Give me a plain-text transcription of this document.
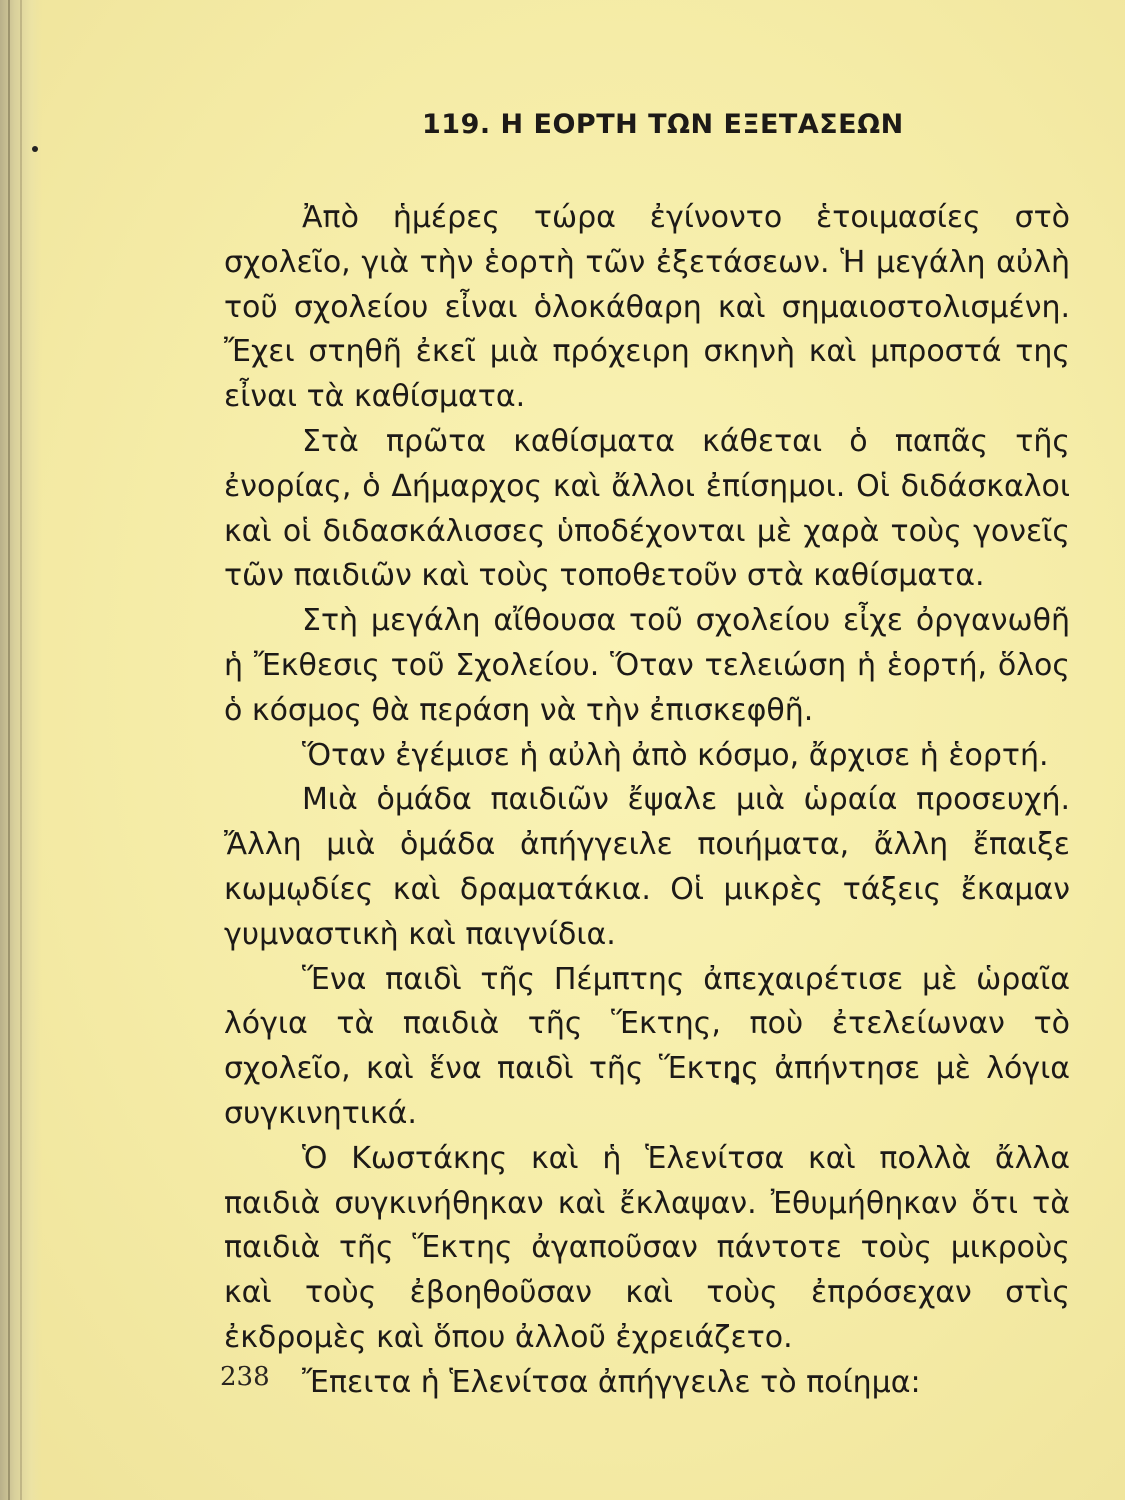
119. Η ΕΟΡΤΗ ΤΩΝ ΕΞΕΤΑΣΕΩΝ

Ἀπὸ ἡμέρες τώρα ἐγίνοντο ἑτοιμασίες στὸ σχολεῖο, γιὰ τὴν ἑορτὴ τῶν ἐξετάσεων. Ἡ μεγάλη αὐλὴ τοῦ σχολείου εἶναι ὁλοκάθαρη καὶ σημαιοστολισμένη. Ἔχει στηθῆ ἐκεῖ μιὰ πρόχειρη σκηνὴ καὶ μπροστά της εἶναι τὰ καθίσματα.

Στὰ πρῶτα καθίσματα κάθεται ὁ παπᾶς τῆς ἐνορίας, ὁ Δήμαρχος καὶ ἄλλοι ἐπίσημοι. Οἱ διδάσκαλοι καὶ οἱ διδασκάλισσες ὑποδέχονται μὲ χαρὰ τοὺς γονεῖς τῶν παιδιῶν καὶ τοὺς τοποθετοῦν στὰ καθίσματα.

Στὴ μεγάλη αἴθουσα τοῦ σχολείου εἶχε ὀργανωθῆ ἡ Ἔκθεσις τοῦ Σχολείου. Ὅταν τελειώση ἡ ἑορτή, ὅλος ὁ κόσμος θὰ περάση νὰ τὴν ἐπισκεφθῆ.

Ὅταν ἐγέμισε ἡ αὐλὴ ἀπὸ κόσμο, ἄρχισε ἡ ἑορτή.

Μιὰ ὁμάδα παιδιῶν ἔψαλε μιὰ ὡραία προσευχή. Ἄλλη μιὰ ὁμάδα ἀπήγγειλε ποιήματα, ἄλλη ἔπαιξε κωμῳδίες καὶ δραματάκια. Οἱ μικρὲς τάξεις ἔκαμαν γυμναστικὴ καὶ παιγνίδια.

Ἕνα παιδὶ τῆς Πέμπτης ἀπεχαιρέτισε μὲ ὡραῖα λόγια τὰ παιδιὰ τῆς Ἕκτης, ποὺ ἐτελείωναν τὸ σχολεῖο, καὶ ἕνα παιδὶ τῆς Ἕκτης ἀπήντησε μὲ λόγια συγκινητικά.

Ὁ Κωστάκης καὶ ἡ Ἑλενίτσα καὶ πολλὰ ἄλλα παιδιὰ συγκινήθηκαν καὶ ἔκλαψαν. Ἐθυμήθηκαν ὅτι τὰ παιδιὰ τῆς Ἕκτης ἀγαποῦσαν πάντοτε τοὺς μικροὺς καὶ τοὺς ἐβοηθοῦσαν καὶ τοὺς ἐπρόσεχαν στὶς ἐκδρομὲς καὶ ὅπου ἀλλοῦ ἐχρειάζετο.

Ἔπειτα ἡ Ἑλενίτσα ἀπήγγειλε τὸ ποίημα:

238
